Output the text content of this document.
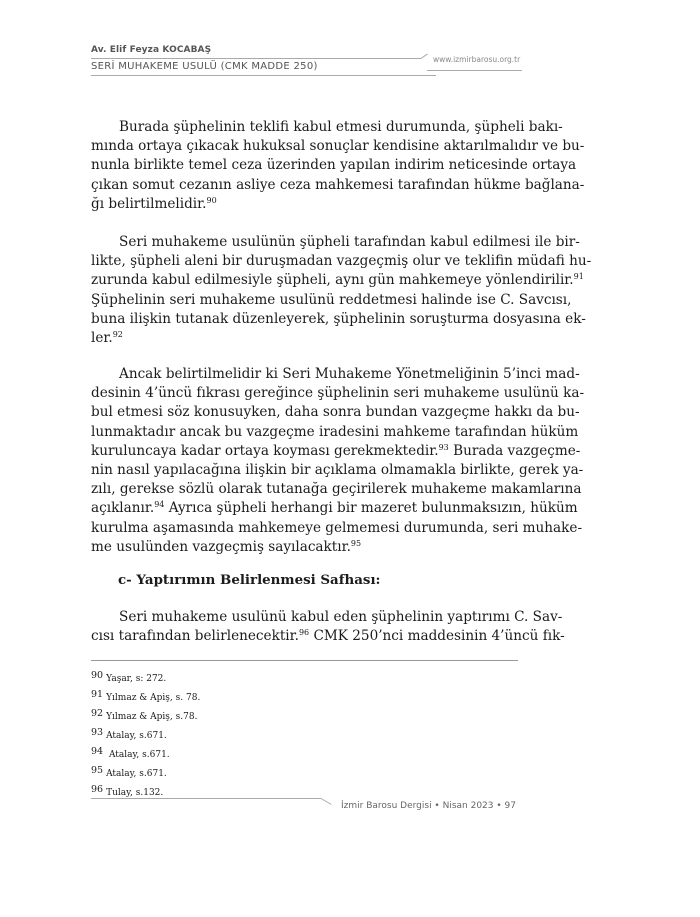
Av. Elif Feyza KOCABAŞ
www.izmirbarosu.org.tr
SERİ MUHAKEME USULÜ (CMK MADDE 250)
Burada şüphelinin teklifi kabul etmesi durumunda, şüpheli bakı-
mında ortaya çıkacak hukuksal sonuçlar kendisine aktarılmalıdır ve bu-
nunla birlikte temel ceza üzerinden yapılan indirim neticesinde ortaya
çıkan somut cezanın asliye ceza mahkemesi tarafından hükme bağlana-
ğı belirtilmelidir.$^{90}$
Seri muhakeme usulünün şüpheli tarafından kabul edilmesi ile bir-
likte, şüpheli aleni bir duruşmadan vazgeçmiş olur ve teklifin müdafi hu-
zurunda kabul edilmesiyle şüpheli, aynı gün mahkemeye yönlendirilir.$^{91}$
Şüphelinin seri muhakeme usulünü reddetmesi halinde ise C. Savcısı,
buna ilişkin tutanak düzenleyerek, şüphelinin soruşturma dosyasına ek-
ler.$^{92}$
Ancak belirtilmelidir ki Seri Muhakeme Yönetmeliğinin 5’inci mad-
desinin 4’üncü fıkrası gereğince şüphelinin seri muhakeme usulünü ka-
bul etmesi söz konusuyken, daha sonra bundan vazgeçme hakkı da bu-
lunmaktadır ancak bu vazgeçme iradesini mahkeme tarafından hüküm
kuruluncaya kadar ortaya koyması gerekmektedir.$^{93}$ Burada vazgeçme-
nin nasıl yapılacağına ilişkin bir açıklama olmamakla birlikte, gerek ya-
zılı, gerekse sözlü olarak tutanağa geçirilerek muhakeme makamlarına
açıklanır.$^{94}$ Ayrıca şüpheli herhangi bir mazeret bulunmaksızın, hüküm
kurulma aşamasında mahkemeye gelmemesi durumunda, seri muhake-
me usulünden vazgeçmiş sayılacaktır.$^{95}$
c- Yaptırımın Belirlenmesi Safhası:
Seri muhakeme usulünü kabul eden şüphelinin yaptırımı C. Sav-
cısı tarafından belirlenecektir.$^{96}$ CMK 250’nci maddesinin 4’üncü fık-
90 Yaşar, s: 272.
91 Yılmaz & Apiş, s. 78.
92 Yılmaz & Apiş, s.78.
93 Atalay, s.671.
94 Atalay, s.671.
95 Atalay, s.671.
96 Tulay, s.132.
İzmir Barosu Dergisi • Nisan 2023 • 97
